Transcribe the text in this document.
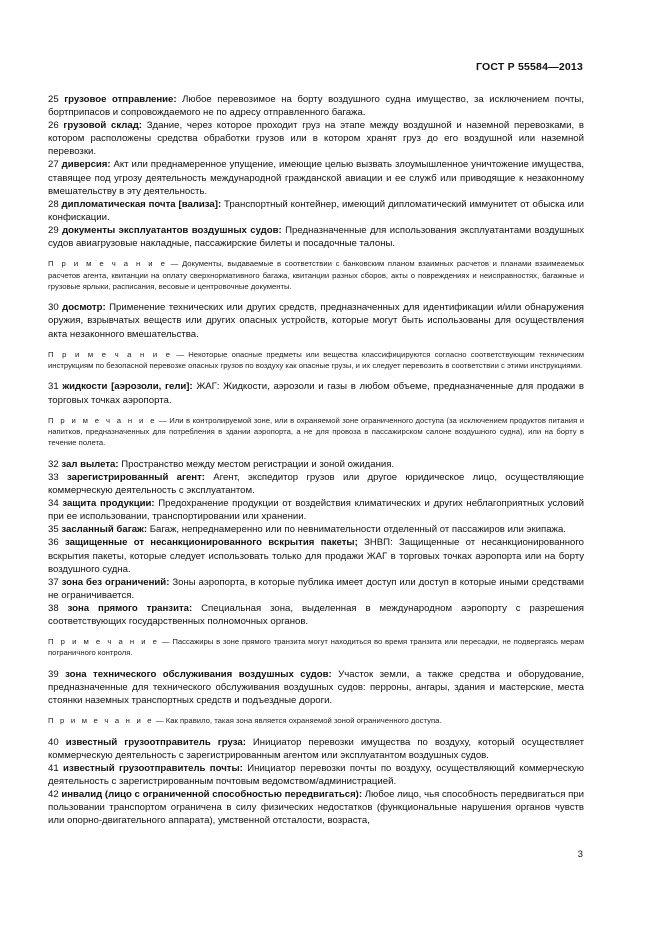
ГОСТ Р 55584—2013

25 грузовое отправление: Любое перевозимое на борту воздушного судна имущество, за исключением почты, бортприпасов и сопровождаемого не по адресу отправленного багажа.

26 грузовой склад: Здание, через которое проходит груз на этапе между воздушной и наземной перевозками, в котором расположены средства обработки грузов или в котором хранят груз до его воздушной или наземной перевозки.

27 диверсия: Акт или преднамеренное упущение, имеющие целью вызвать злоумышленное уничтожение имущества, ставящее под угрозу деятельность международной гражданской авиации и ее служб или приводящие к незаконному вмешательству в эту деятельность.

28 дипломатическая почта [вализа]: Транспортный контейнер, имеющий дипломатический иммунитет от обыска или конфискации.

29 документы эксплуатантов воздушных судов: Предназначенные для использования эксплуатантами воздушных судов авиагрузовые накладные, пассажирские билеты и посадочные талоны.

П р и м е ч а н и е — Документы, выдаваемые в соответствии с банковским планом взаимных расчетов и планами взаимеаемых расчетов агента, квитанции на оплату сверхнормативного багажа, квитанции разных сборов, акты о повреждениях и неисправностях, багажные и грузовые ярлыки, расписания, весовые и центровочные документы.

30 досмотр: Применение технических или других средств, предназначенных для идентификации и/или обнаружения оружия, взрывчатых веществ или других опасных устройств, которые могут быть использованы для осуществления акта незаконного вмешательства.

П р и м е ч а н и е — Некоторые опасные предметы или вещества классифицируются согласно соответствующим техническим инструкциям по безопасной перевозке опасных грузов по воздуху как опасные грузы, и их следует перевозить в соответствии с этими инструкциями.

31 жидкости [аэрозоли, гели]: ЖАГ: Жидкости, аэрозоли и газы в любом объеме, предназначенные для продажи в торговых точках аэропорта.

П р и м е ч а н и е — Или в контролируемой зоне, или в охраняемой зоне ограниченного доступа (за исключением продуктов питания и напитков, предназначенных для потребления в здании аэропорта, а не для провоза в пассажирском салоне воздушного судна), или на борту в течение полета.

32 зал вылета: Пространство между местом регистрации и зоной ожидания.

33 зарегистрированный агент: Агент, экспедитор грузов или другое юридическое лицо, осуществляющие коммерческую деятельность с эксплуатантом.

34 защита продукции: Предохранение продукции от воздействия климатических и других неблагоприятных условий при ее использовании, транспортировании или хранении.

35 засланный багаж: Багаж, непреднамеренно или по невнимательности отделенный от пассажиров или экипажа.

36 защищенные от несанкционированного вскрытия пакеты; ЗНВП: Защищенные от несанкционированного вскрытия пакеты, которые следует использовать только для продажи ЖАГ в торговых точках аэропорта или на борту воздушного судна.

37 зона без ограничений: Зоны аэропорта, в которые публика имеет доступ или доступ в которые иными средствами не ограничивается.

38 зона прямого транзита: Специальная зона, выделенная в международном аэропорту с разрешения соответствующих государственных полномочных органов.

П р и м е ч а н и е — Пассажиры в зоне прямого транзита могут находиться во время транзита или пересадки, не подвергаясь мерам пограничного контроля.

39 зона технического обслуживания воздушных судов: Участок земли, а также средства и оборудование, предназначенные для технического обслуживания воздушных судов: перроны, ангары, здания и мастерские, места стоянки наземных транспортных средств и подъездные дороги.

П р и м е ч а н и е — Как правило, такая зона является охраняемой зоной ограниченного доступа.

40 известный грузоотправитель груза: Инициатор перевозки имущества по воздуху, который осуществляет коммерческую деятельность с зарегистрированным агентом или эксплуатантом воздушных судов.

41 известный грузоотправитель почты: Инициатор перевозки почты по воздуху, осуществляющий коммерческую деятельность с зарегистрированным почтовым ведомством/администрацией.

42 инвалид (лицо с ограниченной способностью передвигаться): Любое лицо, чья способность передвигаться при пользовании транспортом ограничена в силу физических недостатков (функциональные нарушения органов чувств или опорно-двигательного аппарата), умственной отсталости, возраста,

3
